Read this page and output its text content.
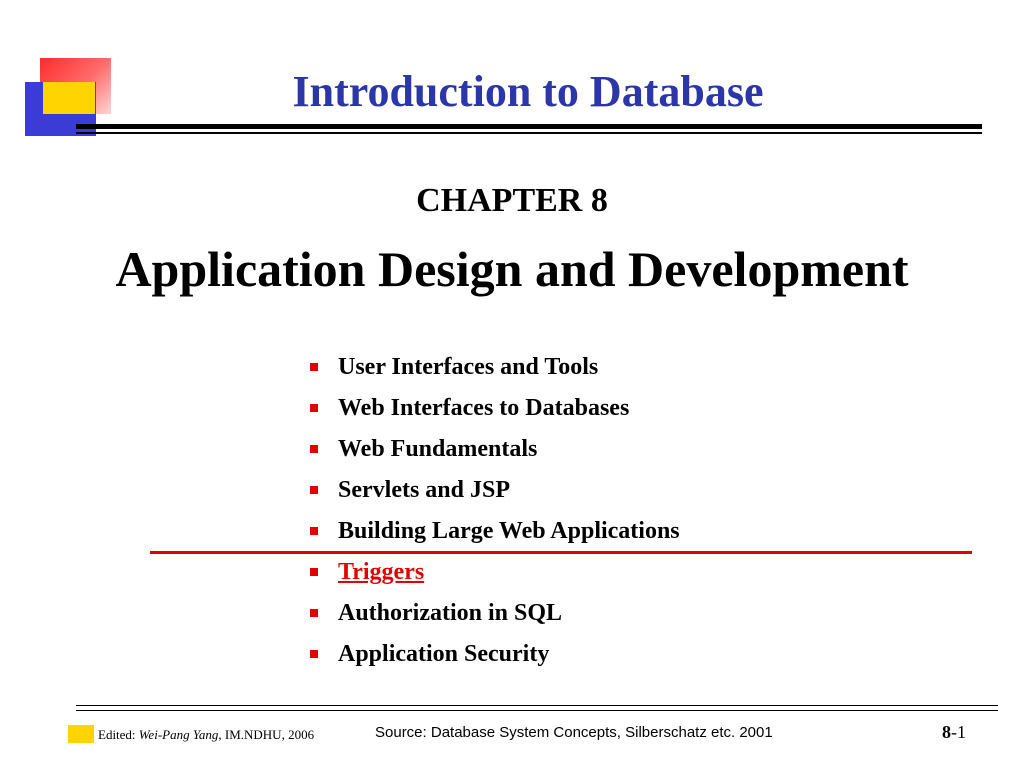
Introduction to Database
CHAPTER 8
Application Design and Development
User Interfaces and Tools
Web Interfaces to Databases
Web Fundamentals
Servlets and JSP
Building Large Web Applications
Triggers
Authorization in SQL
Application Security
Edited: Wei-Pang Yang, IM.NDHU, 2006	Source: Database System Concepts, Silberschatz etc. 2001	8-1
